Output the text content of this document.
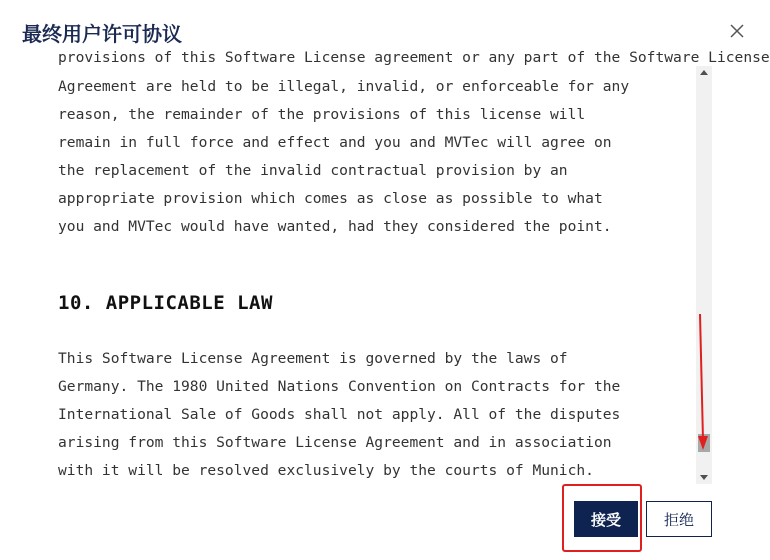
最终用户许可协议
provisions of this Software License agreement or any part of the Software License

Agreement are held to be illegal, invalid, or enforceable for any
reason, the remainder of the provisions of this license will
remain in full force and effect and you and MVTec will agree on
the replacement of the invalid contractual provision by an
appropriate provision which comes as close as possible to what
you and MVTec would have wanted, had they considered the point.

10. APPLICABLE LAW

This Software License Agreement is governed by the laws of
Germany. The 1980 United Nations Convention on Contracts for the
International Sale of Goods shall not apply. All of the disputes
arising from this Software License Agreement and in association
with it will be resolved exclusively by the courts of Munich.

接受	拒绝
